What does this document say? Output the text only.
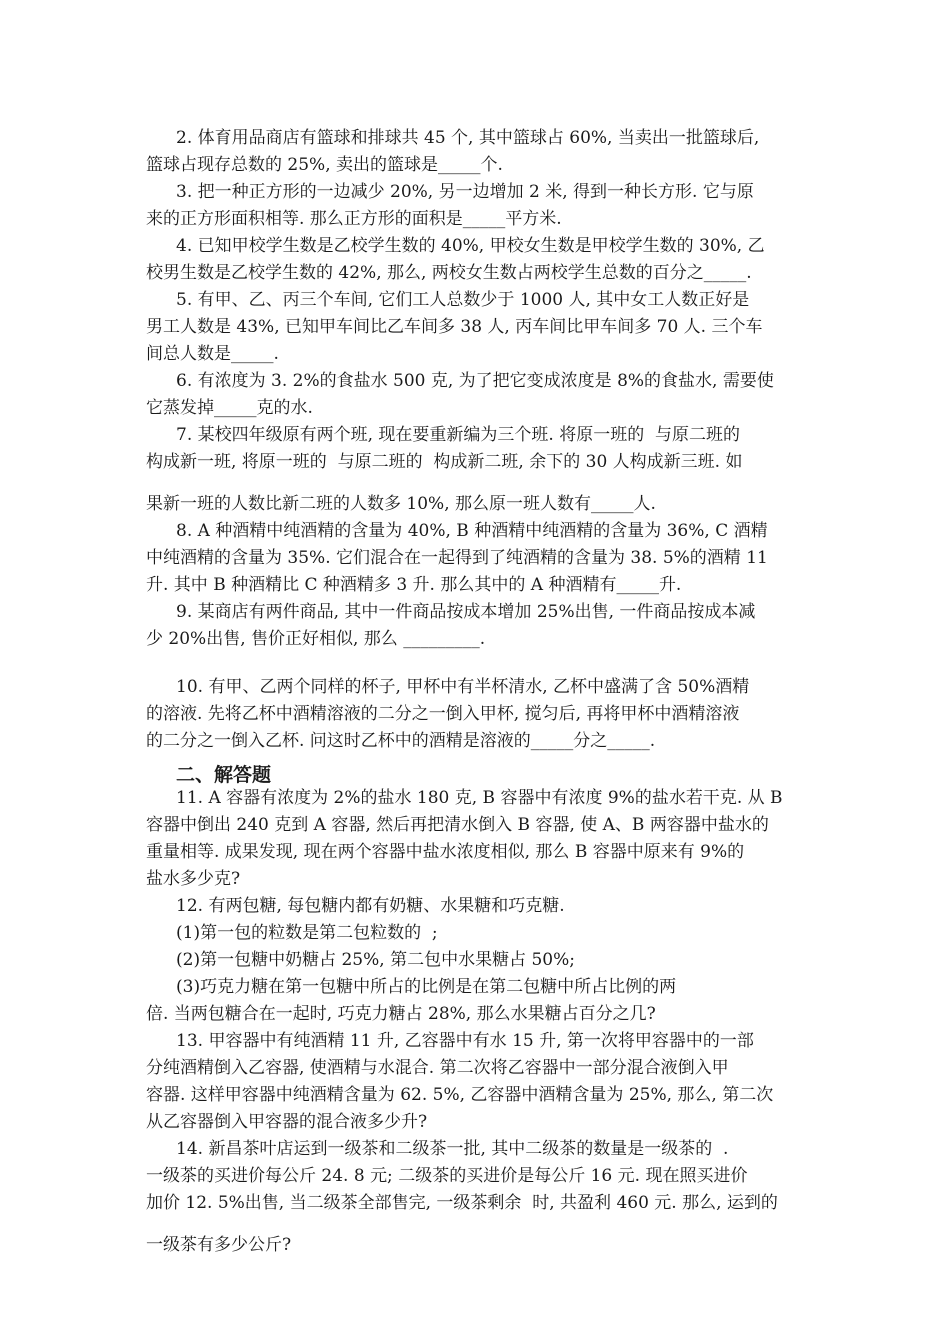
2. 体育用品商店有篮球和排球共 45 个, 其中篮球占 60%, 当卖出一批篮球后,
篮球占现存总数的 25%, 卖出的篮球是_____个.
3. 把一种正方形的一边减少 20%, 另一边增加 2 米, 得到一种长方形. 它与原
来的正方形面积相等. 那么正方形的面积是_____平方米.
4. 已知甲校学生数是乙校学生数的 40%, 甲校女生数是甲校学生数的 30%, 乙
校男生数是乙校学生数的 42%, 那么, 两校女生数占两校学生总数的百分之_____.
5. 有甲、乙、丙三个车间, 它们工人总数少于 1000 人, 其中女工人数正好是
男工人数是 43%, 已知甲车间比乙车间多 38 人, 丙车间比甲车间多 70 人. 三个车
间总人数是_____.
6. 有浓度为 3. 2%的食盐水 500 克, 为了把它变成浓度是 8%的食盐水, 需要使
它蒸发掉_____克的水.
7. 某校四年级原有两个班, 现在要重新编为三个班. 将原一班的  与原二班的
构成新一班, 将原一班的  与原二班的  构成新二班, 余下的 30 人构成新三班. 如
果新一班的人数比新二班的人数多 10%, 那么原一班人数有_____人.
8. A 种酒精中纯酒精的含量为 40%, B 种酒精中纯酒精的含量为 36%, C 酒精
中纯酒精的含量为 35%. 它们混合在一起得到了纯酒精的含量为 38. 5%的酒精 11
升. 其中 B 种酒精比 C 种酒精多 3 升. 那么其中的 A 种酒精有_____升.
9. 某商店有两件商品, 其中一件商品按成本增加 25%出售, 一件商品按成本减
少 20%出售, 售价正好相似, 那么 _________.
10. 有甲、乙两个同样的杯子, 甲杯中有半杯清水, 乙杯中盛满了含 50%酒精
的溶液. 先将乙杯中酒精溶液的二分之一倒入甲杯, 搅匀后, 再将甲杯中酒精溶液
的二分之一倒入乙杯. 问这时乙杯中的酒精是溶液的_____分之_____.
二、解答题
11. A 容器有浓度为 2%的盐水 180 克, B 容器中有浓度 9%的盐水若干克. 从 B
容器中倒出 240 克到 A 容器, 然后再把清水倒入 B 容器, 使 A、B 两容器中盐水的
重量相等. 成果发现, 现在两个容器中盐水浓度相似, 那么 B 容器中原来有 9%的
盐水多少克?
12. 有两包糖, 每包糖内都有奶糖、水果糖和巧克糖.
(1)第一包的粒数是第二包粒数的  ;
(2)第一包糖中奶糖占 25%, 第二包中水果糖占 50%;
(3)巧克力糖在第一包糖中所占的比例是在第二包糖中所占比例的两
倍. 当两包糖合在一起时, 巧克力糖占 28%, 那么水果糖占百分之几?
13. 甲容器中有纯酒精 11 升, 乙容器中有水 15 升, 第一次将甲容器中的一部
分纯酒精倒入乙容器, 使酒精与水混合. 第二次将乙容器中一部分混合液倒入甲
容器. 这样甲容器中纯酒精含量为 62. 5%, 乙容器中酒精含量为 25%, 那么, 第二次
从乙容器倒入甲容器的混合液多少升?
14. 新昌茶叶店运到一级茶和二级茶一批, 其中二级茶的数量是一级茶的  .
一级茶的买进价每公斤 24. 8 元; 二级茶的买进价是每公斤 16 元. 现在照买进价
加价 12. 5%出售, 当二级茶全部售完, 一级茶剩余  时, 共盈利 460 元. 那么, 运到的
一级茶有多少公斤?
